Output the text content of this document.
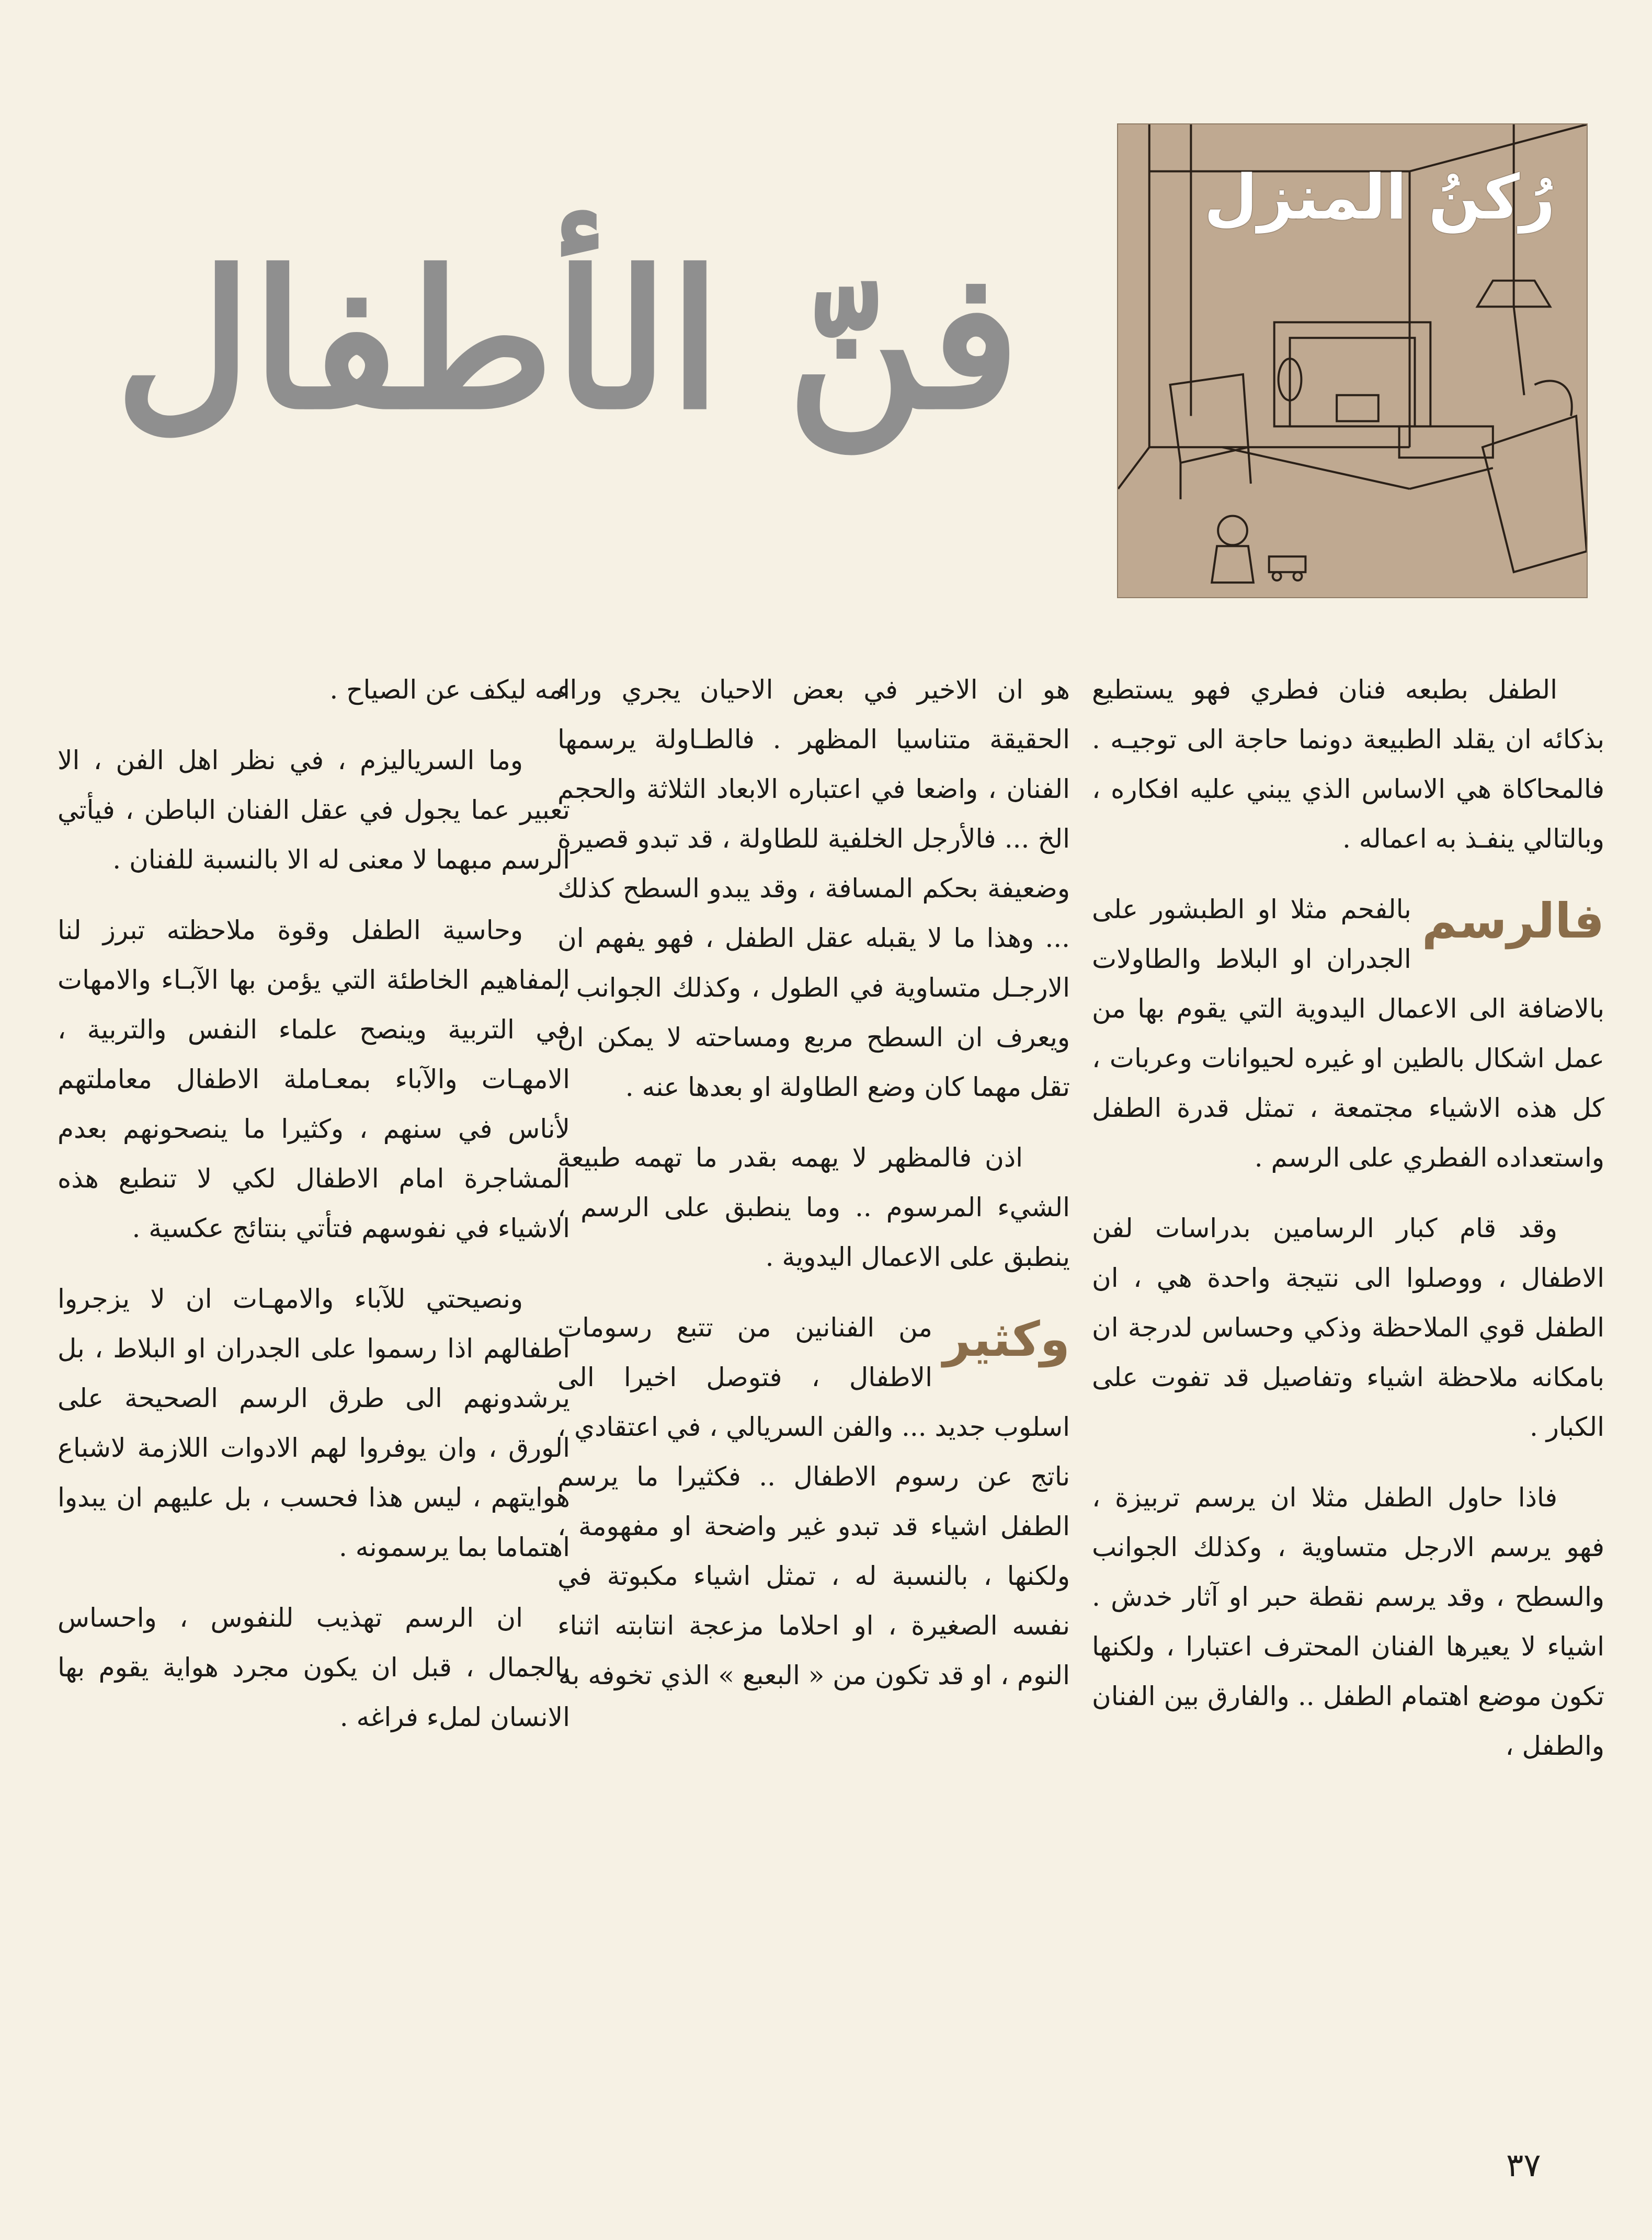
رُكنُ المنزل
فنّ الأطفال

الطفل بطبعه فنان فطري فهو يستطيع بذكائه ان يقلد الطبيعة دونما حاجة الى توجيـه . فالمحاكاة هي الاساس الذي يبني عليه افكاره ، وبالتالي ينفـذ به اعماله .

فالرسم
بالفحم مثلا او الطبشور على الجدران او البلاط والطاولات بالاضافة الى الاعمال اليدوية التي يقوم بها من عمل اشكال بالطين او غيره لحيوانات وعربات ، كل هذه الاشياء مجتمعة ، تمثل قدرة الطفل واستعداده الفطري على الرسم .

وقد قام كبار الرسامين بدراسات لفن الاطفال ، ووصلوا الى نتيجة واحدة هي ، ان الطفل قوي الملاحظة وذكي وحساس لدرجة ان بامكانه ملاحظة اشياء وتفاصيل قد تفوت على الكبار .

فاذا حاول الطفل مثلا ان يرسم تربيزة ، فهو يرسم الارجل متساوية ، وكذلك الجوانب والسطح ، وقد يرسم نقطة حبر او آثار خدش . اشياء لا يعيرها الفنان المحترف اعتبارا ، ولكنها تكون موضع اهتمام الطفل .. والفارق بين الفنان والطفل ،

هو ان الاخير في بعض الاحيان يجري وراء الحقيقة متناسيا المظهر . فالطـاولة يرسمها الفنان ، واضعا في اعتباره الابعاد الثلاثة والحجم الخ ... فالأرجل الخلفية للطاولة ، قد تبدو قصيرة وضعيفة بحكم المسافة ، وقد يبدو السطح كذلك ... وهذا ما لا يقبله عقل الطفل ، فهو يفهم ان الارجـل متساوية في الطول ، وكذلك الجوانب ، ويعرف ان السطح مربع ومساحته لا يمكن ان تقل مهما كان وضع الطاولة او بعدها عنه .

اذن فالمظهر لا يهمه بقدر ما تهمه طبيعة الشيء المرسوم .. وما ينطبق على الرسم ، ينطبق على الاعمال اليدوية .

وكثير
من الفنانين من تتبع رسومات الاطفال ، فتوصل اخيرا الى اسلوب جديد ... والفن السريالي ، في اعتقادي ، ناتج عن رسوم الاطفال .. فكثيرا ما يرسم الطفل اشياء قد تبدو غير واضحة او مفهومة ، ولكنها ، بالنسبة له ، تمثل اشياء مكبوتة في نفسه الصغيرة ، او احلاما مزعجة انتابته اثناء النوم ، او قد تكون من « البعبع » الذي تخوفه به

امه ليكف عن الصياح .

وما السرياليزم ، في نظر اهل الفن ، الا تعبير عما يجول في عقل الفنان الباطن ، فيأتي الرسم مبهما لا معنى له الا بالنسبة للفنان .

وحاسية الطفل وقوة ملاحظته تبرز لنا المفاهيم الخاطئة التي يؤمن بها الآبـاء والامهات في التربية وينصح علماء النفس والتربية ، الامهـات والآباء بمعـاملة الاطفال معاملتهم لأناس في سنهم ، وكثيرا ما ينصحونهم بعدم المشاجرة امام الاطفال لكي لا تنطبع هذه الاشياء في نفوسهم فتأتي بنتائج عكسية .

ونصيحتي للآباء والامهـات ان لا يزجروا اطفالهم اذا رسموا على الجدران او البلاط ، بل يرشدونهم الى طرق الرسم الصحيحة على الورق ، وان يوفروا لهم الادوات اللازمة لاشباع هوايتهم ، ليس هذا فحسب ، بل عليهم ان يبدوا اهتماما بما يرسمونه .

ان الرسم تهذيب للنفوس ، واحساس بالجمال ، قبل ان يكون مجرد هواية يقوم بها الانسان لملء فراغه .

٣٧
